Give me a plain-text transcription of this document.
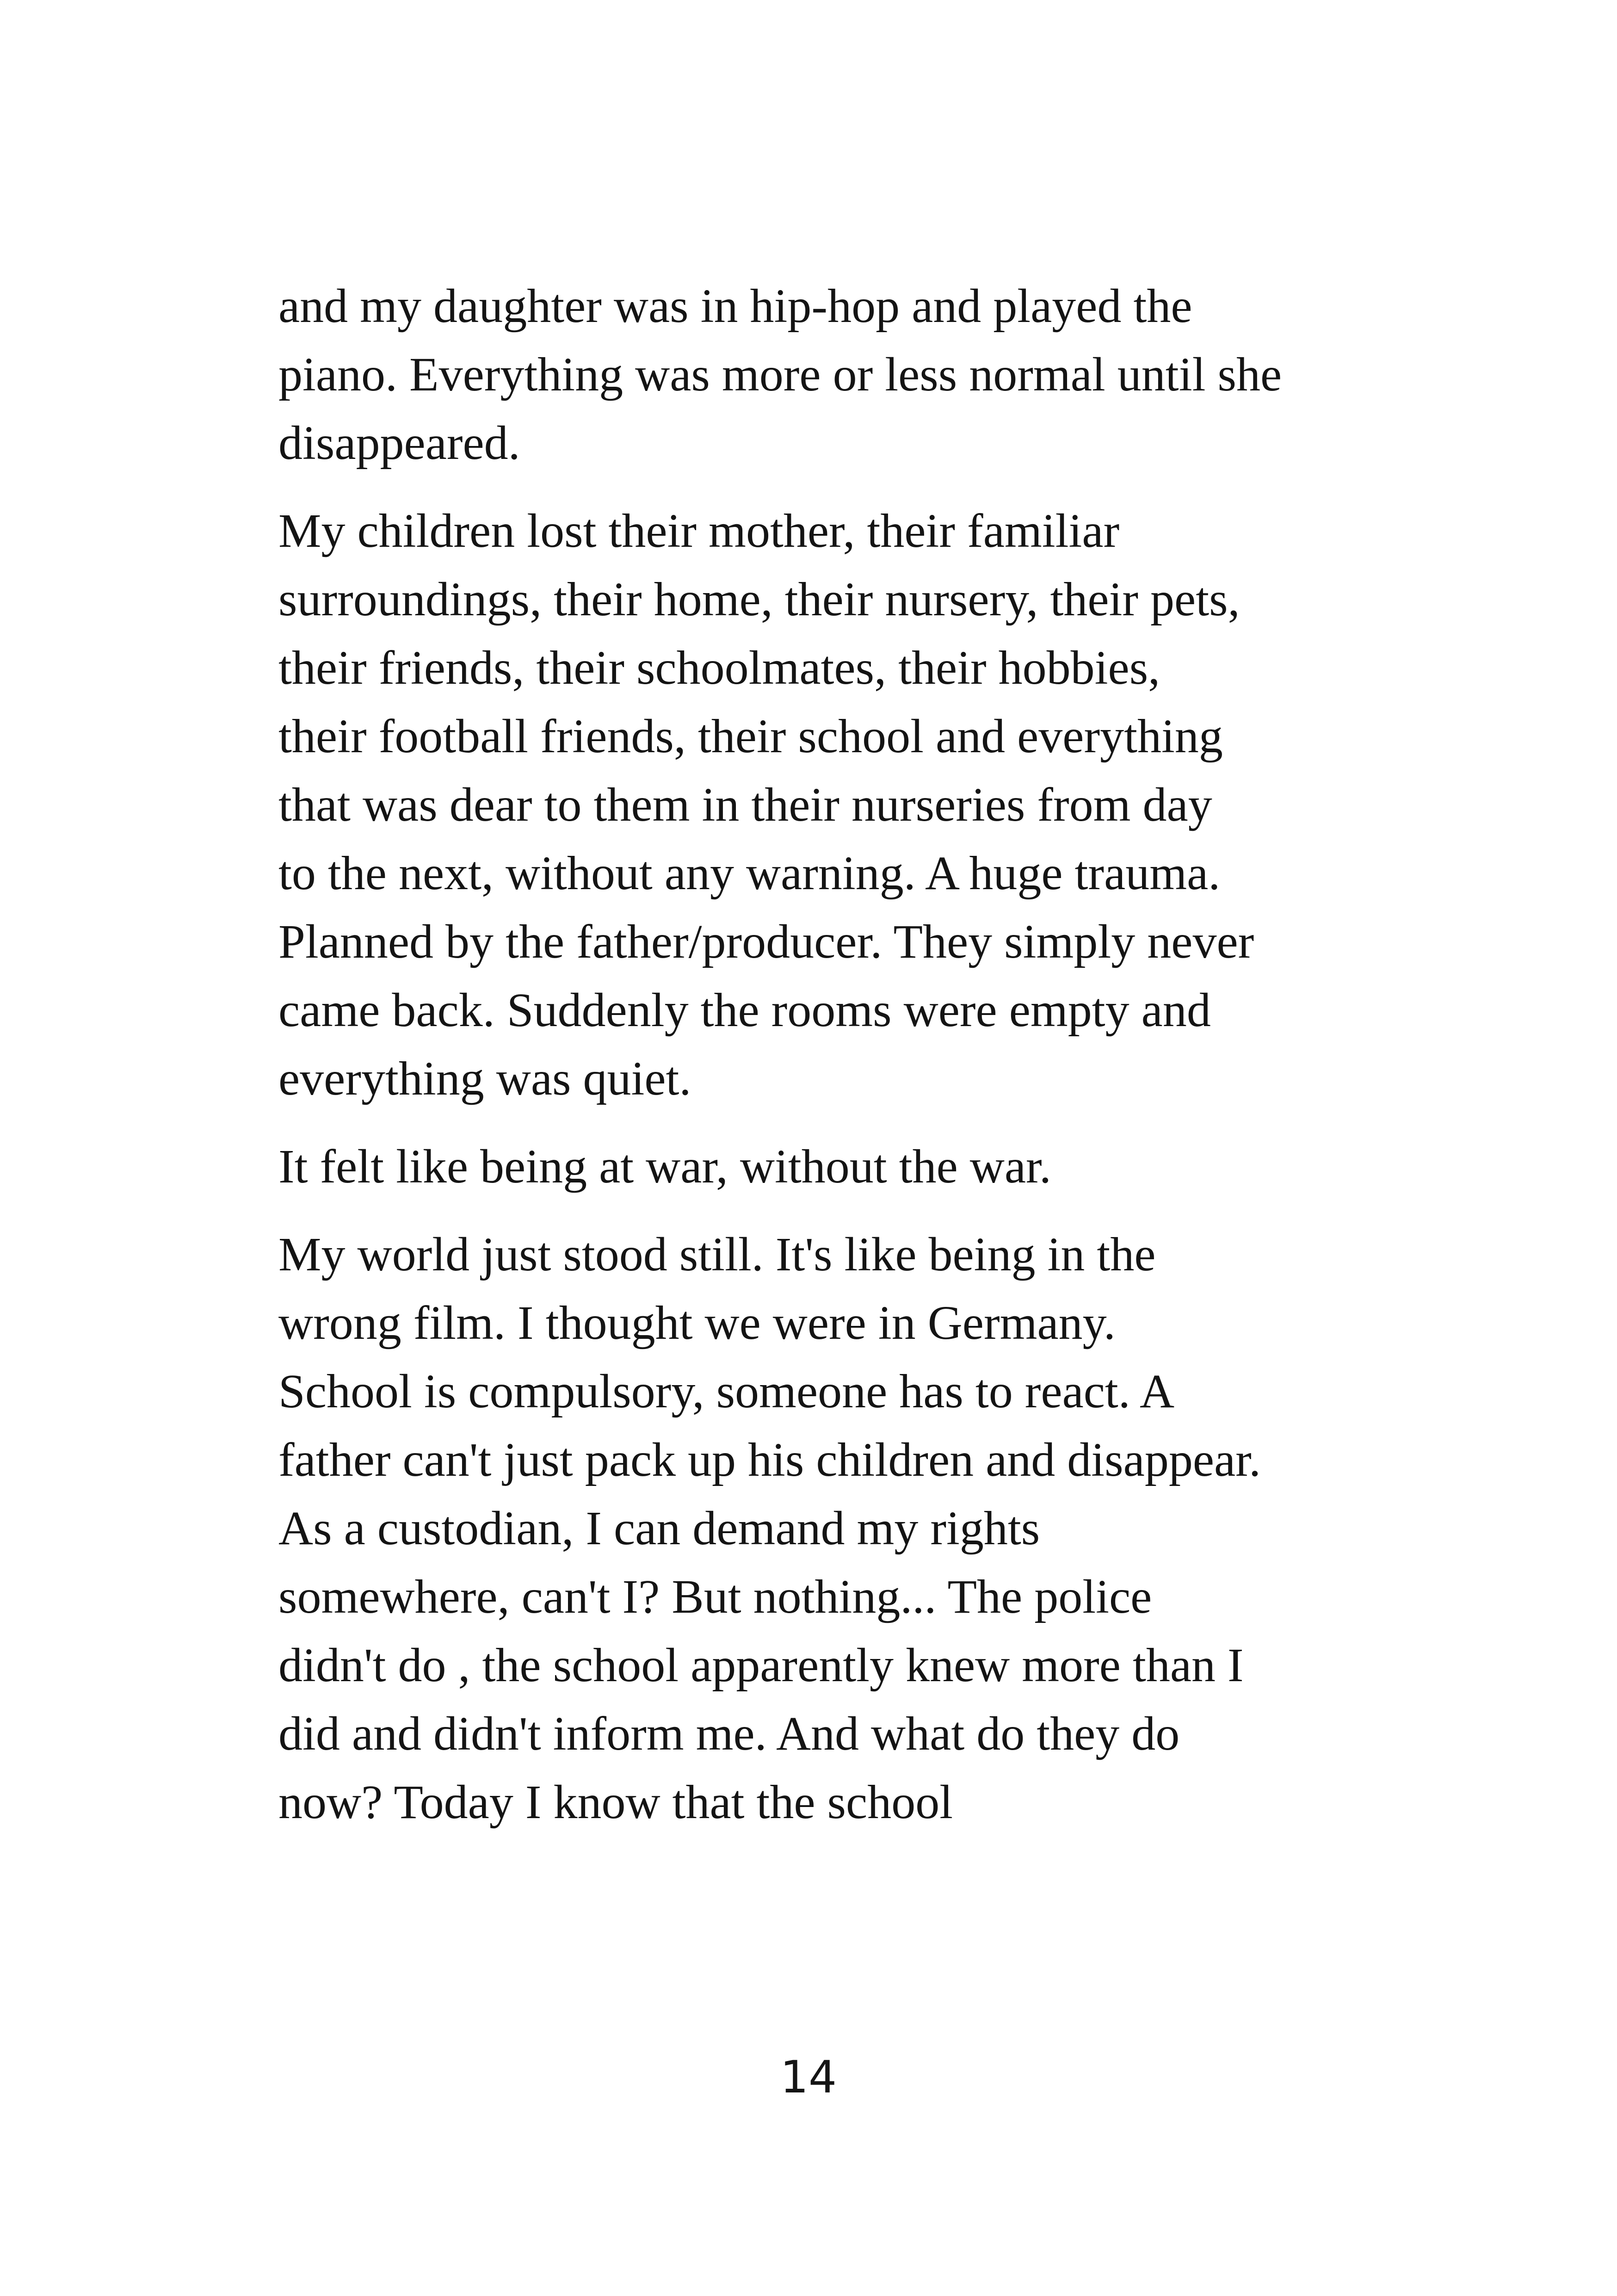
and my daughter was in hip-hop and played the
piano. Everything was more or less normal until she
disappeared.

My children lost their mother, their familiar
surroundings, their home, their nursery, their pets,
their friends, their schoolmates, their hobbies,
their football friends, their school and everything
that was dear to them in their nurseries from day
to the next, without any warning. A huge trauma.
Planned by the father/producer. They simply never
came back. Suddenly the rooms were empty and
everything was quiet.

It felt like being at war, without the war.

My world just stood still. It's like being in the
wrong film. I thought we were in Germany.
School is compulsory, someone has to react. A
father can't just pack up his children and disappear.
As a custodian, I can demand my rights
somewhere, can't I? But nothing... The police
didn't do , the school apparently knew more than I
did and didn't inform me. And what do they do
now? Today I know that the school

14
